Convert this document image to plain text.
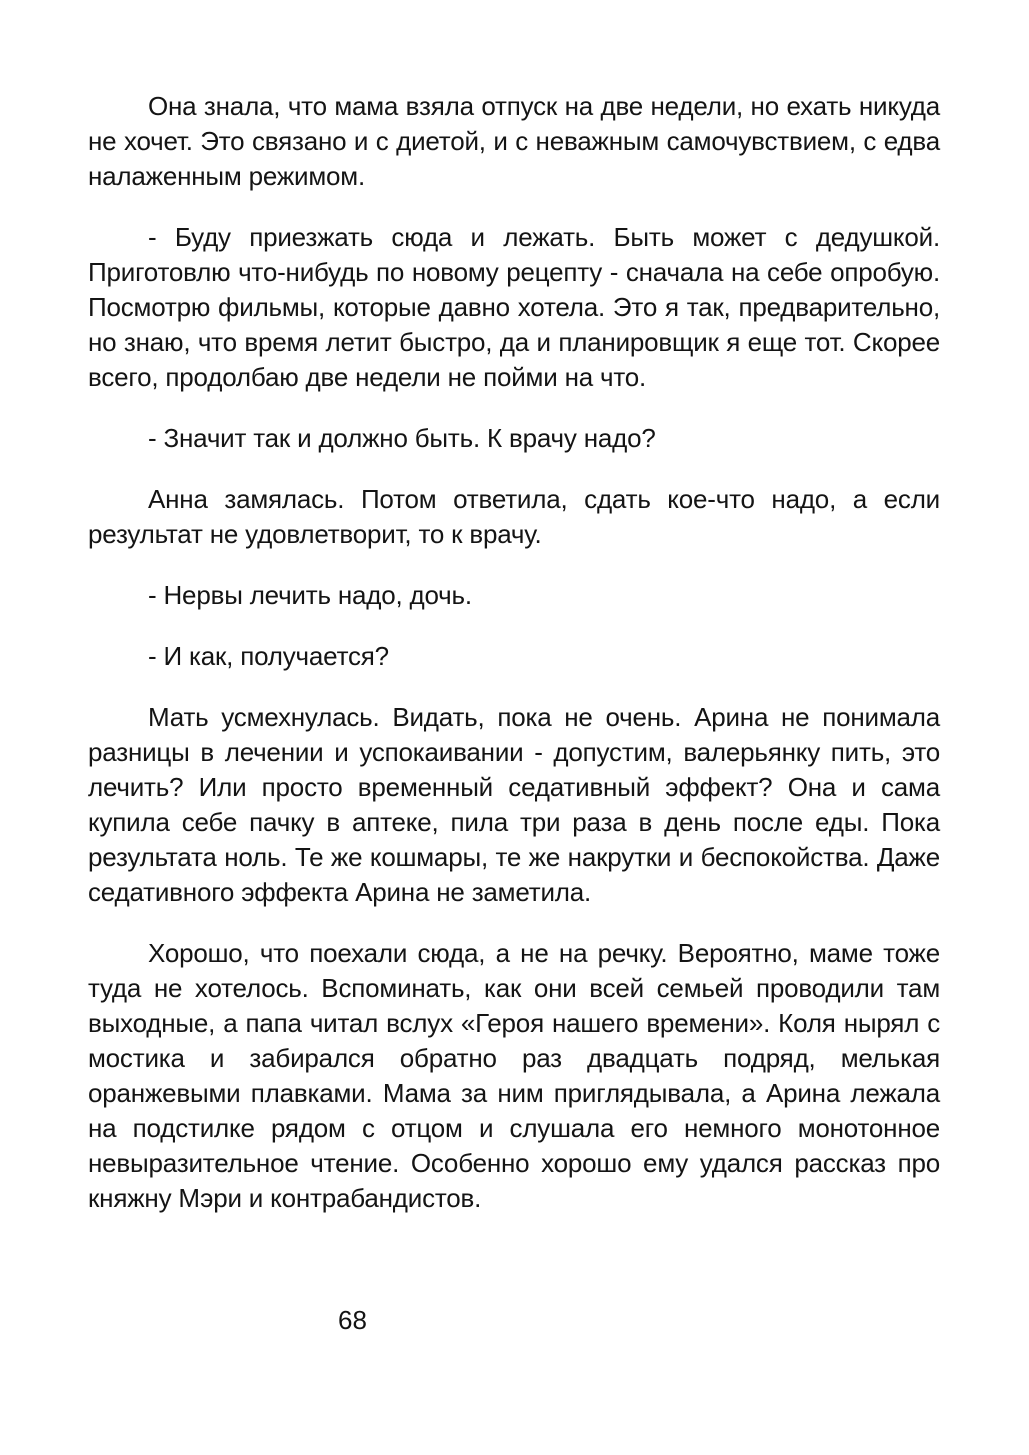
Она знала, что мама взяла отпуск на две недели, но ехать никуда не хочет. Это связано и с диетой, и с неважным самочувствием, с едва налаженным режимом.

- Буду приезжать сюда и лежать. Быть может с дедушкой. Приготовлю что-нибудь по новому рецепту - сначала на себе опробую. Посмотрю фильмы, которые давно хотела. Это я так, предварительно, но знаю, что время летит быстро, да и планировщик я еще тот. Скорее всего, продолбаю две недели не пойми на что.

- Значит так и должно быть. К врачу надо?

Анна замялась. Потом ответила, сдать кое-что надо, а если результат не удовлетворит, то к врачу.

- Нервы лечить надо, дочь.

- И как, получается?

Мать усмехнулась. Видать, пока не очень. Арина не понимала разницы в лечении и успокаивании - допустим, валерьянку пить, это лечить? Или просто временный седативный эффект? Она и сама купила себе пачку в аптеке, пила три раза в день после еды. Пока результата ноль. Те же кошмары, те же накрутки и беспокойства. Даже седативного эффекта Арина не заметила.

Хорошо, что поехали сюда, а не на речку. Вероятно, маме тоже туда не хотелось. Вспоминать, как они всей семьей проводили там выходные, а папа читал вслух «Героя нашего времени». Коля нырял с мостика и забирался обратно раз двадцать подряд, мелькая оранжевыми плавками. Мама за ним приглядывала, а Арина лежала на подстилке рядом с отцом и слушала его немного монотонное невыразительное чтение. Особенно хорошо ему удался рассказ про княжну Мэри и контрабандистов.

68
